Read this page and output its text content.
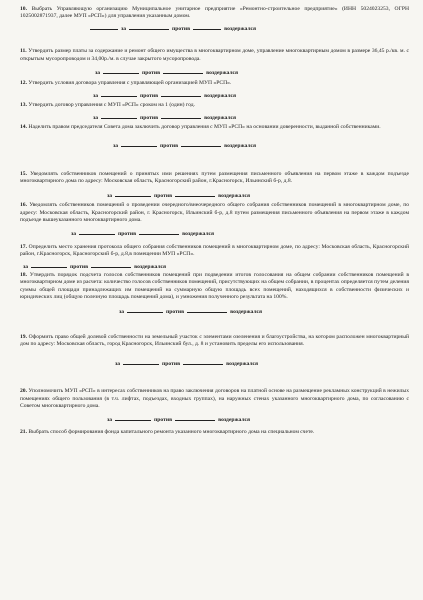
10. Выбрать Управляющую организацию Муниципальное унитарное предприятие «Ремонтно-строительное предприятие» (ИНН 5024023253, ОГРН 1025002871937, далее МУП «РСП») для управления указанным домом.

за	против	воздержался

11. Утвердить размер платы за содержание и ремонт общего имущества в многоквартирном доме, управление многоквартирным домом в размере 36,45 р./кв. м. с открытым мусоропроводом и 34,00р./м. в случае закрытого мусоропровода.

за	против	воздержался

12. Утвердить условия договора управления с управляющей организацией МУП «РСП».

за	против	воздержался

13. Утвердить договор управления с МУП «РСП» сроком на 1 (один) год.

за	против	воздержался

14. Наделить правом председателя Совета дома заключить договор управления с МУП «РСП» на основании доверенности, выданной собственниками.

за	против	воздержался

15. Уведомлять собственников помещений о принятых ими решениях путем размещения письменного объявления на первом этаже в каждом подъезде многоквартирного дома по адресу: Московская область, Красногорский район, г.Красногорск, Ильинский б-р, д.8.

за	против	воздержался

16. Уведомлять собственников помещений о проведении очередного/внеочередного общего собрания собственников помещений в многоквартирном доме, по адресу: Московская область, Красногорский район, г. Красногорск, Ильинский б-р, д.8 путем размещения письменного объявления на первом этаже в каждом подъезде вышеуказанного многоквартирного дома.

за	против	воздержался

17. Определить место хранения протокола общего собрания собственников помещений в многоквартирном доме, по адресу: Московская область, Красногорский район, г.Красногорск, Красногорский б-р, д.8,в помещении МУП «РСП».

за	против	воздержался

18. Утвердить порядок подсчета голосов собственников помещений при подведении итогов голосования на общем собрании собственников помещений в многоквартирном доме из расчета: количество голосов собственников помещений, присутствующих на общем собрании, в процентах определяется путем деления суммы общей площади принадлежащих им помещений на суммарную общую площадь всех помещений, находящихся в собственности физических и юридических лиц (общую полезную площадь помещений дома), и умножения полученного результата на 100%.

за	против	воздержался

19. Оформить право общей долевой собственности на земельный участок с элементами озеленения и благоустройства, на котором расположен многоквартирный дом по адресу: Московская область, город Красногорск, Ильинский бул., д. 8 и установить пределы его использования.

за	против	воздержался

20. Уполномочить МУП «РСП» в интересах собственников на право заключения договоров на платной основе на размещение рекламных конструкций в нежилых помещениях общего пользования (в т.ч. лифтах, подъездах, входных группах), на наружных стенах указанного многоквартирного дома, по согласованию с Советом многоквартирного дома.

за	против	воздержался

21. Выбрать способ формирования фонда капитального ремонта указанного многоквартирного дома на специальном счете.
